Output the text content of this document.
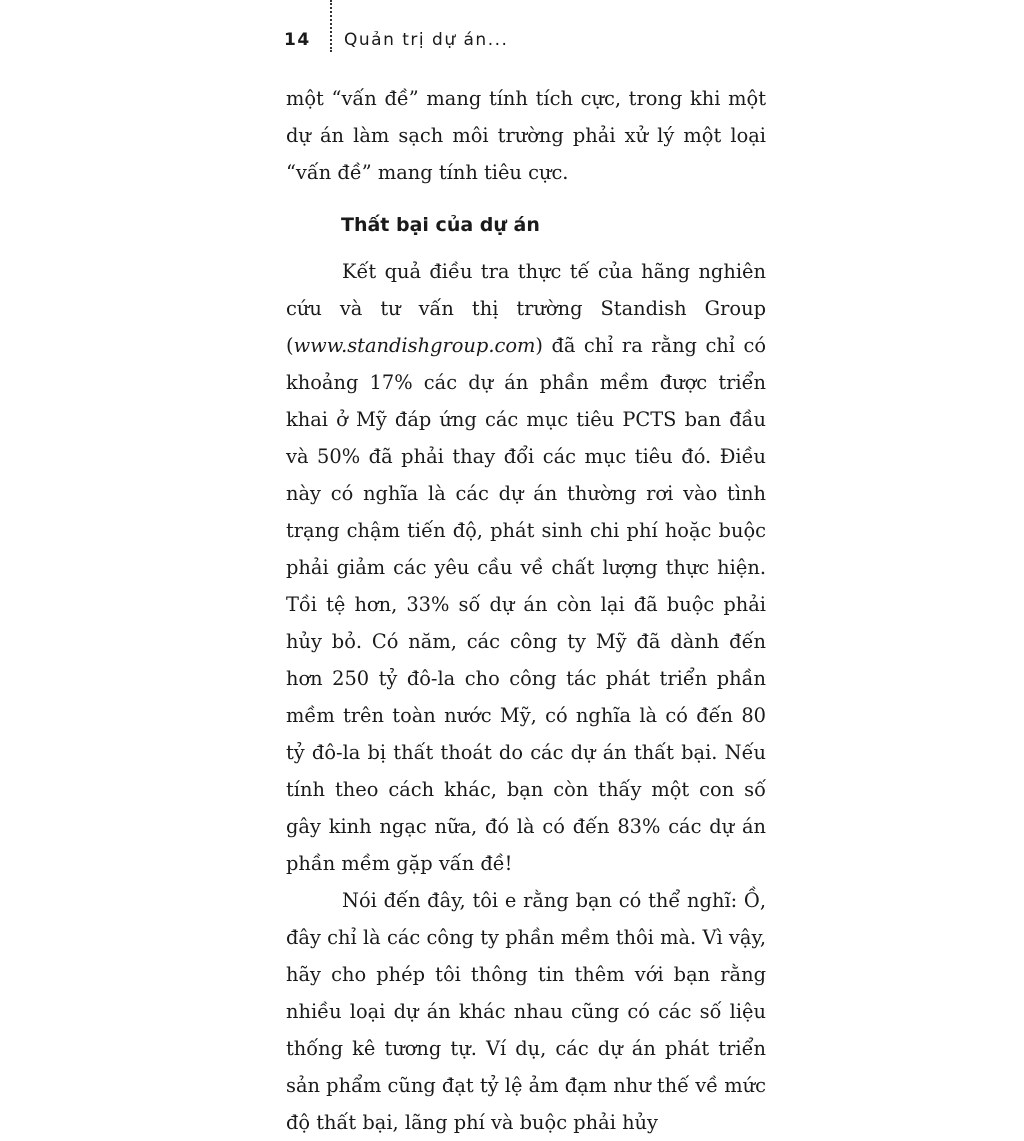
14	Quản trị dự án...

một “vấn đề” mang tính tích cực, trong khi một dự án làm sạch môi trường phải xử lý một loại “vấn đề” mang tính tiêu cực.

Thất bại của dự án

Kết quả điều tra thực tế của hãng nghiên cứu và tư vấn thị trường Standish Group (www.standishgroup.com) đã chỉ ra rằng chỉ có khoảng 17% các dự án phần mềm được triển khai ở Mỹ đáp ứng các mục tiêu PCTS ban đầu và 50% đã phải thay đổi các mục tiêu đó. Điều này có nghĩa là các dự án thường rơi vào tình trạng chậm tiến độ, phát sinh chi phí hoặc buộc phải giảm các yêu cầu về chất lượng thực hiện. Tồi tệ hơn, 33% số dự án còn lại đã buộc phải hủy bỏ. Có năm, các công ty Mỹ đã dành đến hơn 250 tỷ đô-la cho công tác phát triển phần mềm trên toàn nước Mỹ, có nghĩa là có đến 80 tỷ đô-la bị thất thoát do các dự án thất bại. Nếu tính theo cách khác, bạn còn thấy một con số gây kinh ngạc nữa, đó là có đến 83% các dự án phần mềm gặp vấn đề!

Nói đến đây, tôi e rằng bạn có thể nghĩ: Ồ, đây chỉ là các công ty phần mềm thôi mà. Vì vậy, hãy cho phép tôi thông tin thêm với bạn rằng nhiều loại dự án khác nhau cũng có các số liệu thống kê tương tự. Ví dụ, các dự án phát triển sản phẩm cũng đạt tỷ lệ ảm đạm như thế về mức độ thất bại, lãng phí và buộc phải hủy
